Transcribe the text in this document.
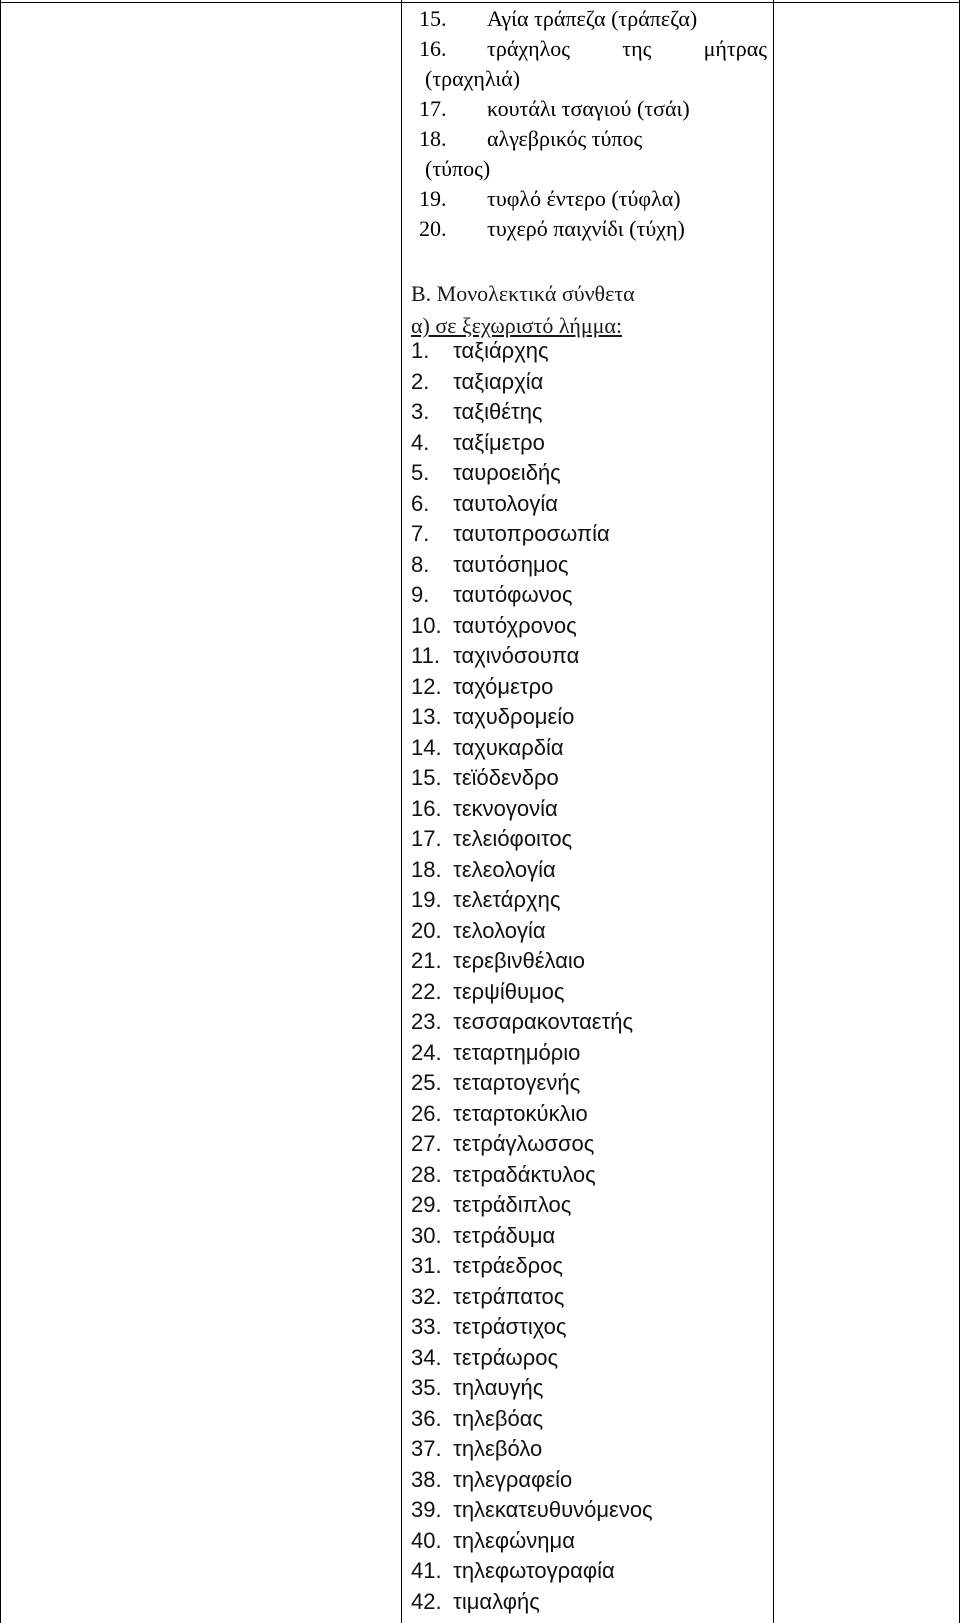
15. Αγία τράπεζα (τράπεζα)
16. τράχηλος της μήτρας
(τραχηλιά)
17. κουτάλι τσαγιού (τσάι)
18. αλγεβρικός τύπος
(τύπος)
19. τυφλό έντερο (τύφλα)
20. τυχερό παιχνίδι (τύχη)
Β. Μονολεκτικά σύνθετα
α) σε ξεχωριστό λήμμα:
1. ταξιάρχης
2. ταξιαρχία
3. ταξιθέτης
4. ταξίμετρο
5. ταυροειδής
6. ταυτολογία
7. ταυτοπροσωπία
8. ταυτόσημος
9. ταυτόφωνος
10. ταυτόχρονος
11. ταχινόσουπα
12. ταχόμετρο
13. ταχυδρομείο
14. ταχυκαρδία
15. τεϊόδενδρο
16. τεκνογονία
17. τελειόφοιτος
18. τελεολογία
19. τελετάρχης
20. τελολογία
21. τερεβινθέλαιο
22. τερψίθυμος
23. τεσσαρακονταετής
24. τεταρτημόριο
25. τεταρτογενής
26. τεταρτοκύκλιο
27. τετράγλωσσος
28. τετραδάκτυλος
29. τετράδιπλος
30. τετράδυμα
31. τετράεδρος
32. τετράπατος
33. τετράστιχος
34. τετράωρος
35. τηλαυγής
36. τηλεβόας
37. τηλεβόλο
38. τηλεγραφείο
39. τηλεκατευθυνόμενος
40. τηλεφώνημα
41. τηλεφωτογραφία
42. τιμαλφής
